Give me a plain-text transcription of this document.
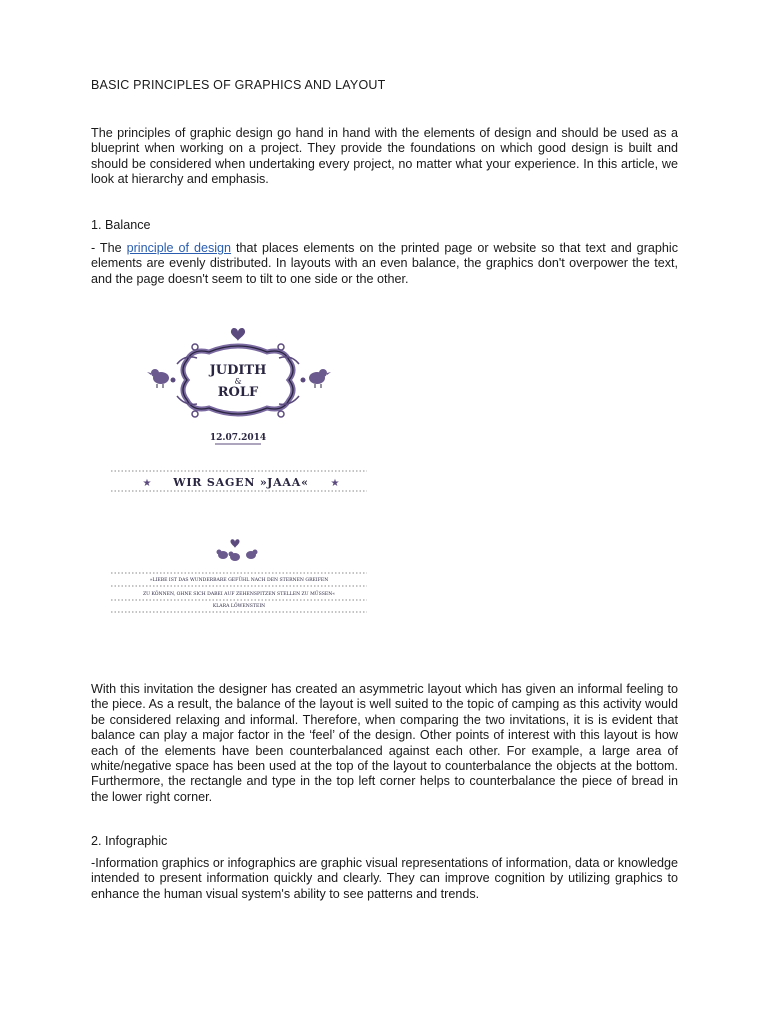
BASIC PRINCIPLES OF GRAPHICS AND LAYOUT
The principles of graphic design go hand in hand with the elements of design and should be used as a blueprint when working on a project. They provide the foundations on which good design is built and should be considered when undertaking every project, no matter what your experience. In this article, we look at hierarchy and emphasis.
1. Balance
- The principle of design that places elements on the printed page or website so that text and graphic elements are evenly distributed. In layouts with an even balance, the graphics don't overpower the text, and the page doesn't seem to tilt to one side or the other.
JUDITH
&
ROLF
12.07.2014
★	★
WIR SAGEN »JAAA«
»LIEBE IST DAS WUNDERBARE GEFÜHL NACH DEN STERNEN GREIFEN
ZU KÖNNEN, OHNE SICH DABEI AUF ZEHENSPITZEN STELLEN ZU MÜSSEN«
KLARA LÖWENSTEIN
With this invitation the designer has created an asymmetric layout which has given an informal feeling to the piece. As a result, the balance of the layout is well suited to the topic of camping as this activity would be considered relaxing and informal. Therefore, when comparing the two invitations, it is is evident that balance can play a major factor in the ‘feel’ of the design. Other points of interest with this layout is how each of the elements have been counterbalanced against each other. For example, a large area of white/negative space has been used at the top of the layout to counterbalance the objects at the bottom. Furthermore, the rectangle and type in the top left corner helps to counterbalance the piece of bread in the lower right corner.
2. Infographic
-Information graphics or infographics are graphic visual representations of information, data or knowledge intended to present information quickly and clearly. They can improve cognition by utilizing graphics to enhance the human visual system's ability to see patterns and trends.
